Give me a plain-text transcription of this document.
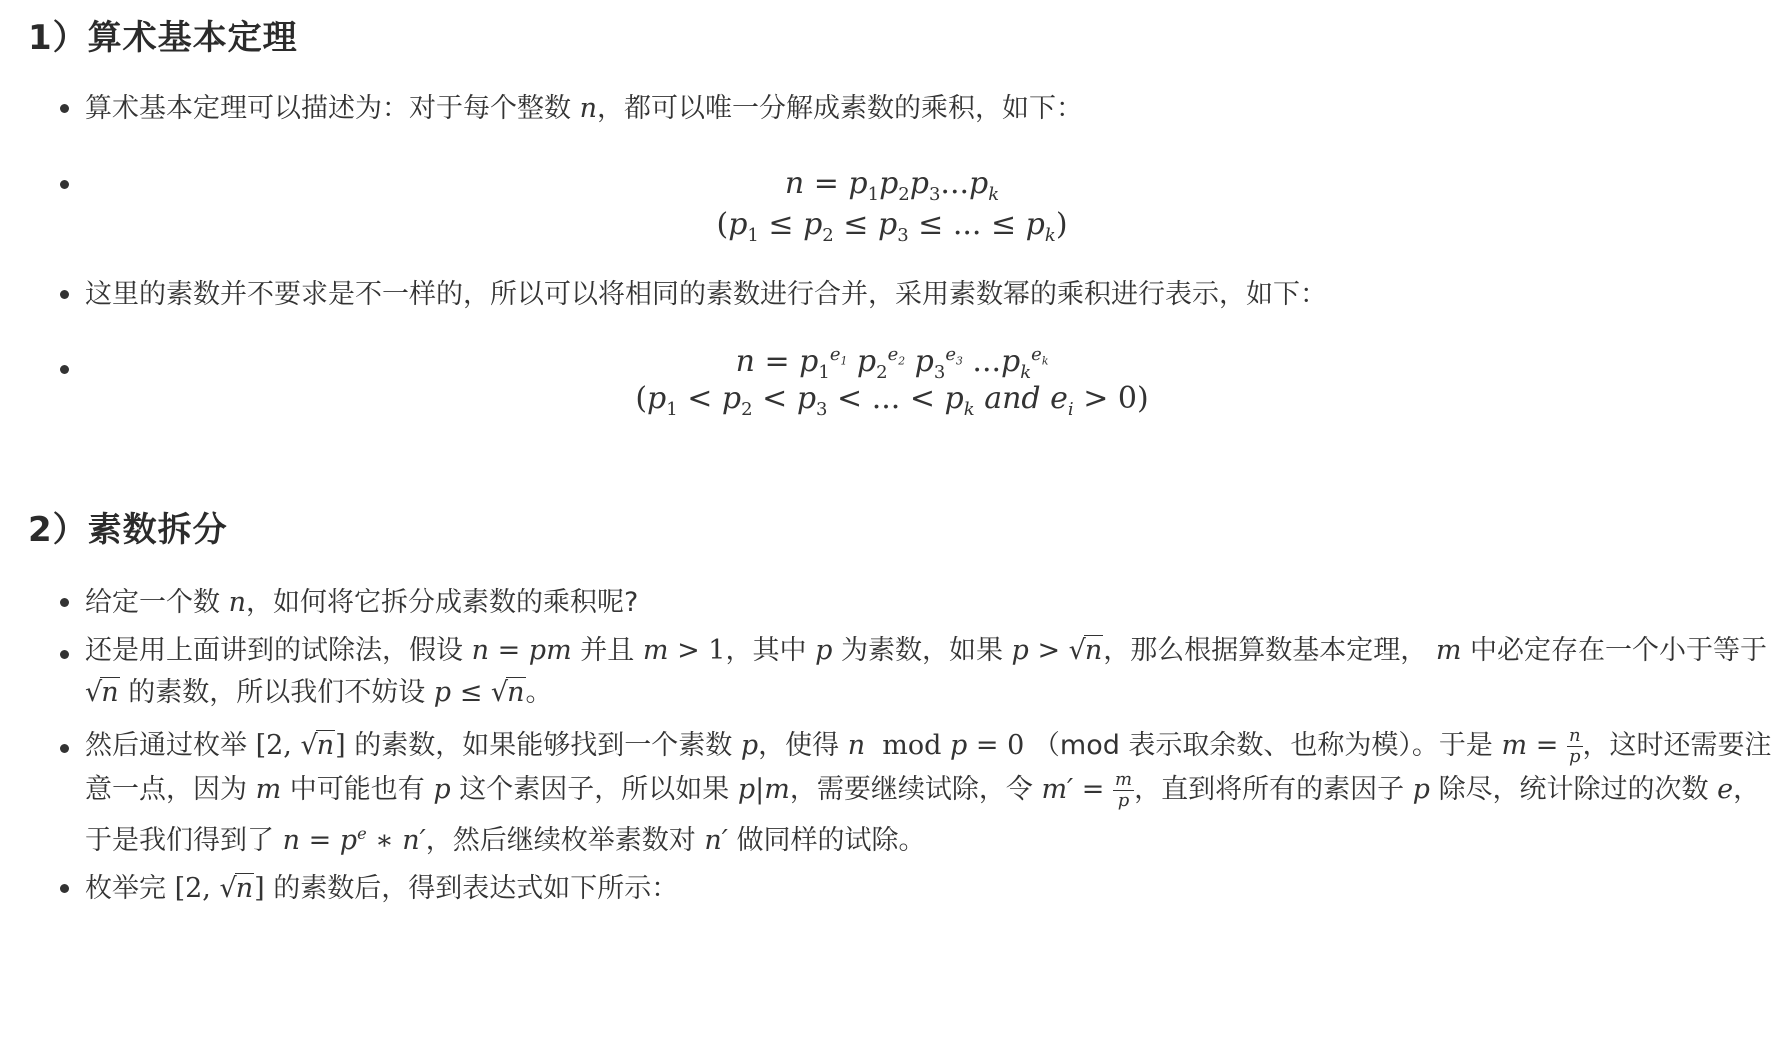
1）算术基本定理
算术基本定理可以描述为：对于每个整数 n，都可以唯一分解成素数的乘积，如下：
$n = p_1p_2p_3...p_k$
($p_1 \le p_2 \le p_3$ ≤ ... ≤ $p_k$)
这里的素数并不要求是不一样的，所以可以将相同的素数进行合并，采用素数幂的乘积进行表示，如下：
$n = p_1^{e_1}$ $p_2^{e_2}$ $p_3^{e_3}$ $...p_k^{e_k}$
($p_1 < p_2 < p_3$ < ... < $p_k$ and $e_i > 0$)
2）素数拆分
给定一个数 n，如何将它拆分成素数的乘积呢?
还是用上面讲到的试除法，假设 n = pm 并且 m > 1，其中 p 为素数，如果 p > √n，那么根据算数基本定理， m 中必定存在一个小于等于 √n 的素数，所以我们不妨设 p ≤ √n。
然后通过枚举 [2, √n] 的素数，如果能够找到一个素数 p，使得 n mod p = 0 （mod 表示取余数、也称为模）。于是 $m = \frac{n}{p}$ ，这时还需要注意一点，因为 m 中可能也有 p 这个素因子，所以如果 p|m，需要继续试除，令 $m' = \frac{m}{p}$ ，直到将所有的素因子 p 除尽，统计除过的次数 e，于是我们得到了 $n = p^e$ ∗ n′，然后继续枚举素数对 n′ 做同样的试除。
枚举完 [2, √n] 的素数后，得到表达式如下所示：
